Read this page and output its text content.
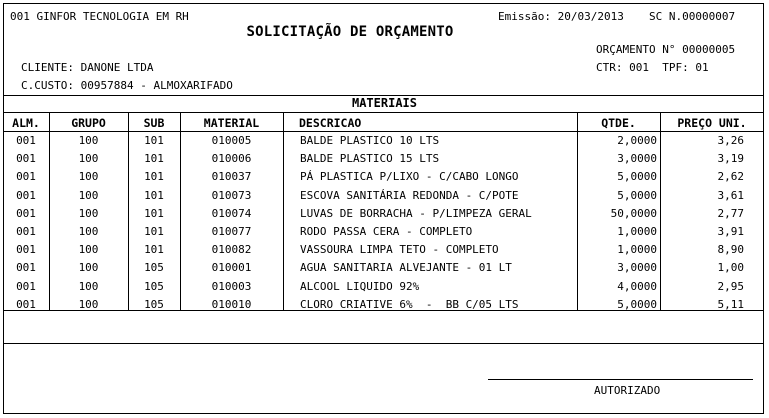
001 GINFOR TECNOLOGIA EM RH	Emissão: 20/03/2013 SC N.00000007
SOLICITAÇÃO DE ORÇAMENTO
ORÇAMENTO N° 00000005
CLIENTE: DANONE LTDA	CTR: 001  TPF: 01
C.CUSTO: 00957884 - ALMOXARIFADO
MATERIAIS
ALM.	GRUPO	SUB	MATERIAL	DESCRICAO	QTDE.	PREÇO UNI.
001	100	101	010005	BALDE PLASTICO 10 LTS	2,0000	3,26
001	100	101	010006	BALDE PLASTICO 15 LTS	3,0000	3,19
001	100	101	010037	PÁ PLASTICA P/LIXO - C/CABO LONGO	5,0000	2,62
001	100	101	010073	ESCOVA SANITÁRIA REDONDA - C/POTE	5,0000	3,61
001	100	101	010074	LUVAS DE BORRACHA - P/LIMPEZA GERAL	50,0000	2,77
001	100	101	010077	RODO PASSA CERA - COMPLETO	1,0000	3,91
001	100	101	010082	VASSOURA LIMPA TETO - COMPLETO	1,0000	8,90
001	100	105	010001	AGUA SANITARIA ALVEJANTE - 01 LT	3,0000	1,00
001	100	105	010003	ALCOOL LIQUIDO 92%	4,0000	2,95
001	100	105	010010	CLORO CRIATIVE 6%  -  BB C/05 LTS	5,0000	5,11
AUTORIZADO
